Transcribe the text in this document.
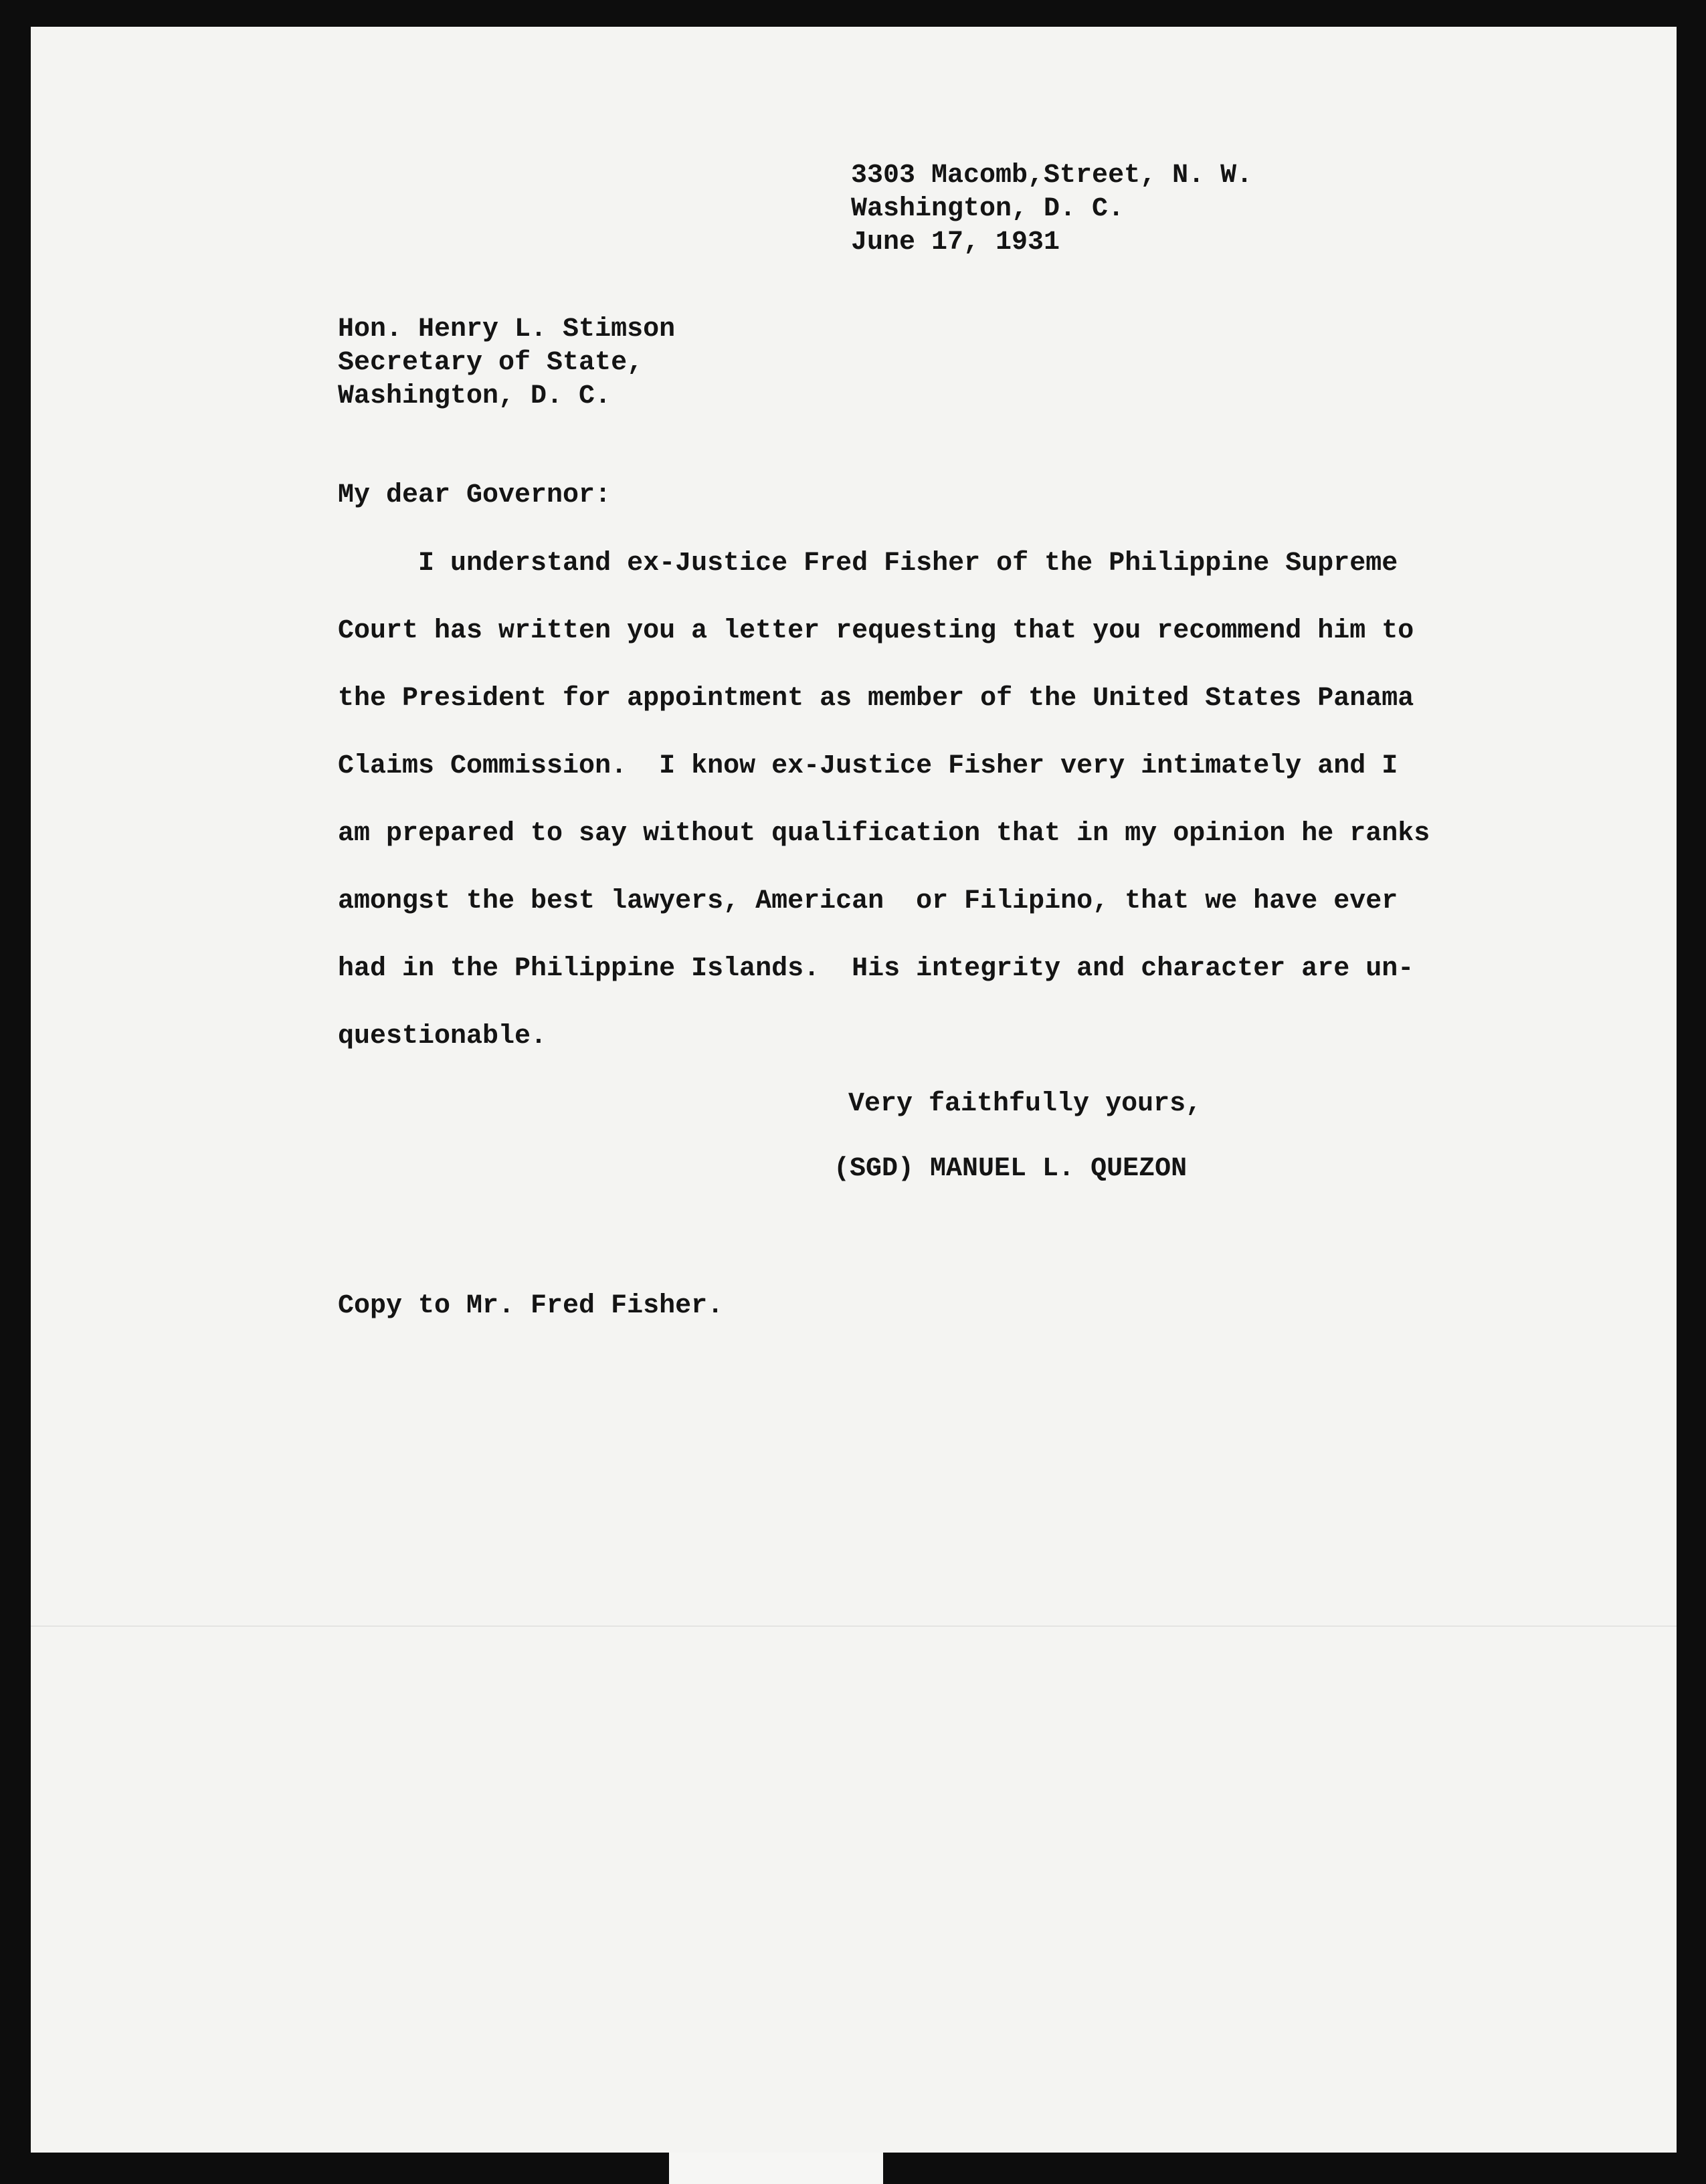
3303 Macomb,Street, N. W.

Washington, D. C.

June 17, 1931

Hon. Henry L. Stimson

Secretary of State,

Washington, D. C.

My dear Governor:

I understand ex-Justice Fred Fisher of the Philippine Supreme

Court has written you a letter requesting that you recommend him to

the President for appointment as member of the United States Panama

Claims Commission.  I know ex-Justice Fisher very intimately and I

am prepared to say without qualification that in my opinion he ranks

amongst the best lawyers, American  or Filipino, that we have ever

had in the Philippine Islands.  His integrity and character are un-

questionable.

Very faithfully yours,
(SGD) MANUEL L. QUEZON
Copy to Mr. Fred Fisher.
